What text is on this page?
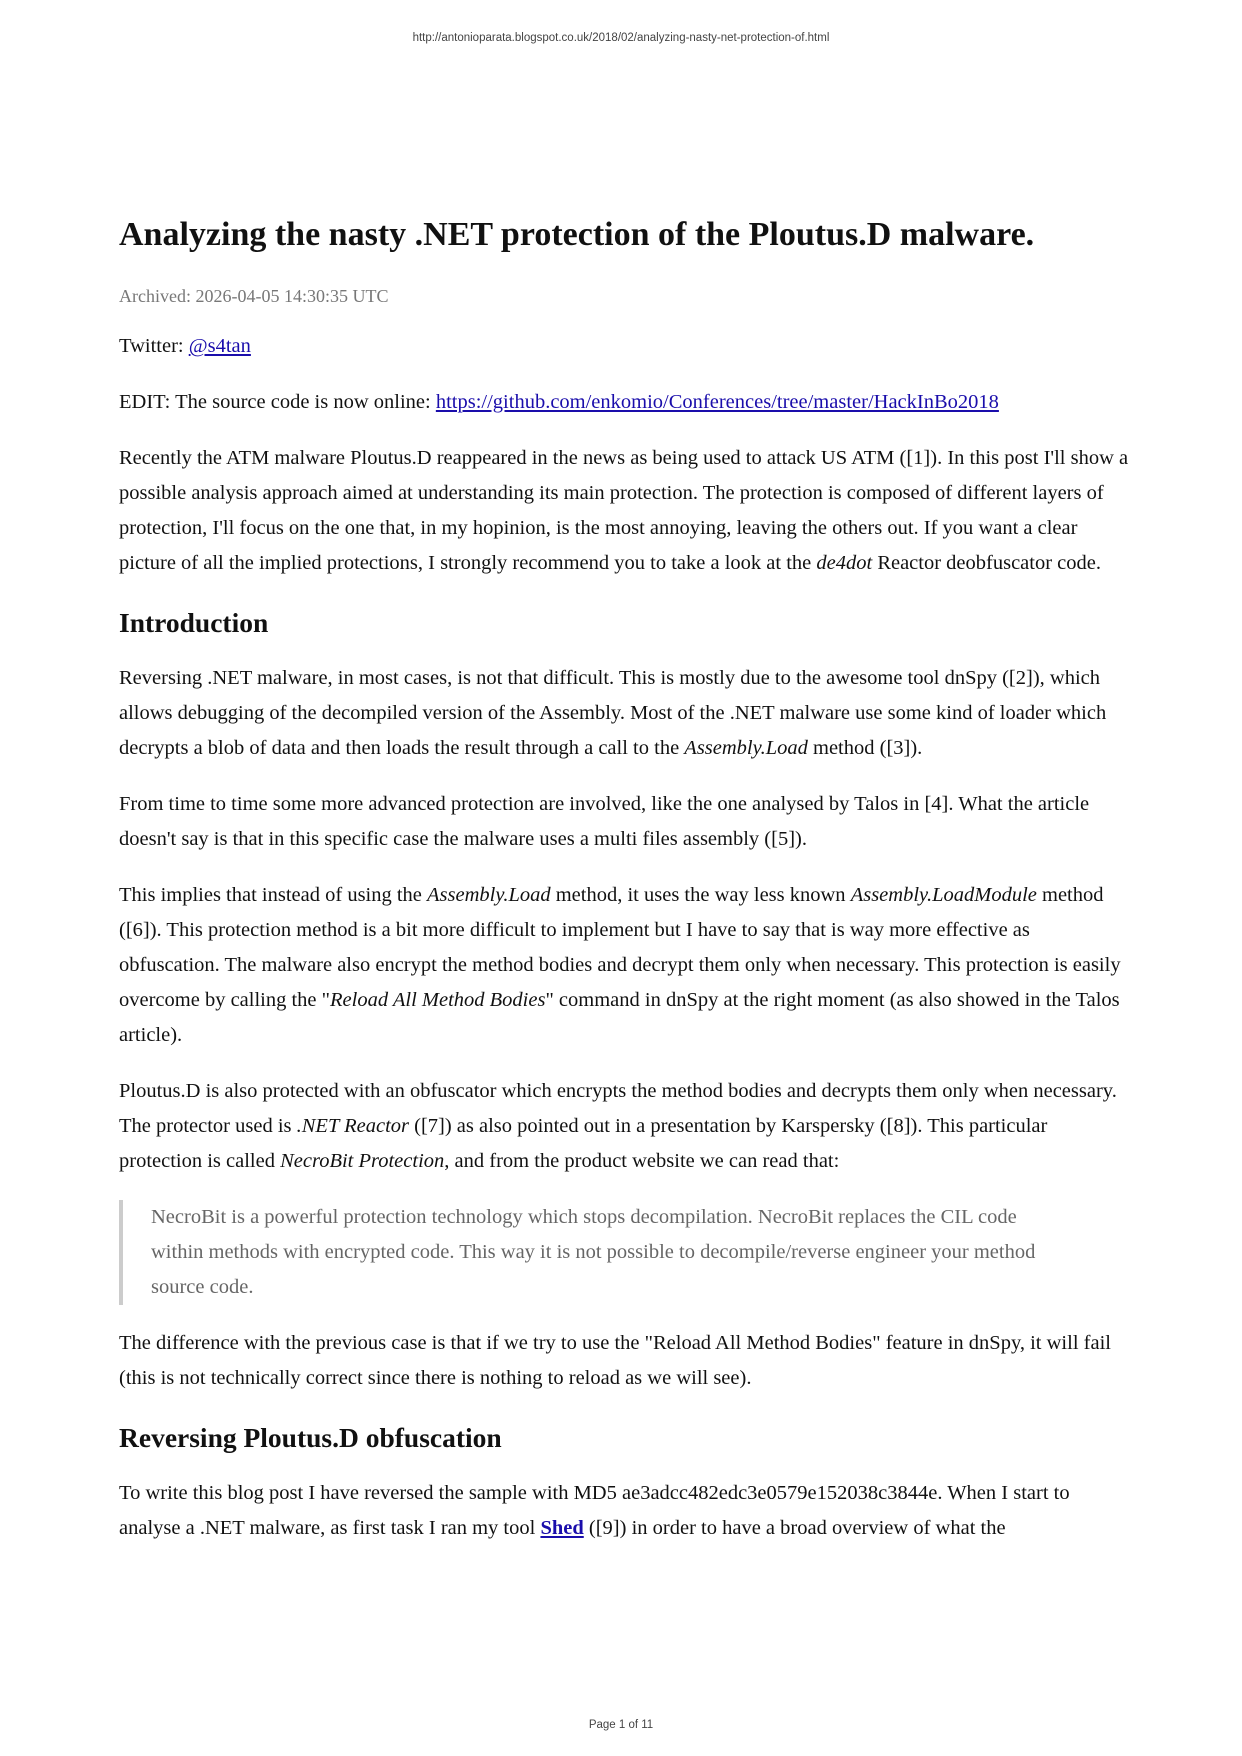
http://antonioparata.blogspot.co.uk/2018/02/analyzing-nasty-net-protection-of.html
Analyzing the nasty .NET protection of the Ploutus.D malware.
Archived: 2026-04-05 14:30:35 UTC

Twitter: @s4tan

EDIT: The source code is now online: https://github.com/enkomio/Conferences/tree/master/HackInBo2018

Recently the ATM malware Ploutus.D reappeared in the news as being used to attack US ATM ([1]). In this post I'll show a possible analysis approach aimed at understanding its main protection. The protection is composed of different layers of protection, I'll focus on the one that, in my hopinion, is the most annoying, leaving the others out. If you want a clear picture of all the implied protections, I strongly recommend you to take a look at the de4dot Reactor deobfuscator code.

Introduction

Reversing .NET malware, in most cases, is not that difficult. This is mostly due to the awesome tool dnSpy ([2]), which allows debugging of the decompiled version of the Assembly. Most of the .NET malware use some kind of loader which decrypts a blob of data and then loads the result through a call to the Assembly.Load method ([3]).

From time to time some more advanced protection are involved, like the one analysed by Talos in [4]. What the article doesn't say is that in this specific case the malware uses a multi files assembly ([5]).

This implies that instead of using the Assembly.Load method, it uses the way less known Assembly.LoadModule method ([6]). This protection method is a bit more difficult to implement but I have to say that is way more effective as obfuscation. The malware also encrypt the method bodies and decrypt them only when necessary. This protection is easily overcome by calling the "Reload All Method Bodies" command in dnSpy at the right moment (as also showed in the Talos article).

Ploutus.D is also protected with an obfuscator which encrypts the method bodies and decrypts them only when necessary. The protector used is .NET Reactor ([7]) as also pointed out in a presentation by Karspersky ([8]). This particular protection is called NecroBit Protection, and from the product website we can read that:

NecroBit is a powerful protection technology which stops decompilation. NecroBit replaces the CIL code within methods with encrypted code. This way it is not possible to decompile/reverse engineer your method source code.

The difference with the previous case is that if we try to use the "Reload All Method Bodies" feature in dnSpy, it will fail (this is not technically correct since there is nothing to reload as we will see).

Reversing Ploutus.D obfuscation

To write this blog post I have reversed the sample with MD5 ae3adcc482edc3e0579e152038c3844e. When I start to analyse a .NET malware, as first task I ran my tool Shed ([9]) in order to have a broad overview of what the

Page 1 of 11
